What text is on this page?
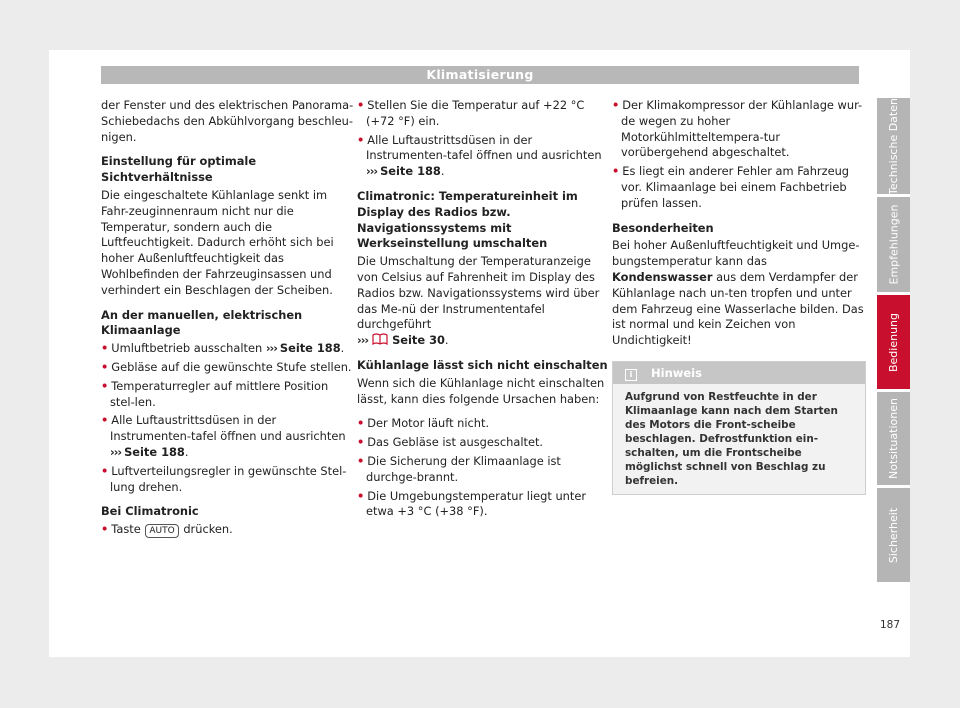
Klimatisierung

der Fenster und des elektrischen Panorama-Schiebedachs den Abkühlvorgang beschleu-nigen.

Einstellung für optimale Sichtverhältnisse

Die eingeschaltete Kühlanlage senkt im Fahr-zeuginnenraum nicht nur die Temperatur, sondern auch die Luftfeuchtigkeit. Dadurch erhöht sich bei hoher Außenluftfeuchtigkeit das Wohlbefinden der Fahrzeuginsassen und verhindert ein Beschlagen der Scheiben.

An der manuellen, elektrischen Klimaanlage
• Umluftbetrieb ausschalten ››› Seite 188.
• Gebläse auf die gewünschte Stufe stellen.
• Temperaturregler auf mittlere Position stel-len.
• Alle Luftaustrittsdüsen in der Instrumenten-tafel öffnen und ausrichten ››› Seite 188.
• Luftverteilungsregler in gewünschte Stel-lung drehen.
Bei Climatronic
• Taste AUTO drücken.
• Stellen Sie die Temperatur auf +22 °C (+72 °F) ein.
• Alle Luftaustrittsdüsen in der Instrumenten-tafel öffnen und ausrichten ››› Seite 188.
Climatronic: Temperatureinheit im Display des Radios bzw. Navigationssystems mit Werkseinstellung umschalten

Die Umschaltung der Temperaturanzeige von Celsius auf Fahrenheit im Display des Radios bzw. Navigationssystems wird über das Me-nü der Instrumententafel durchgeführt
››› Seite 30.

Kühlanlage lässt sich nicht einschalten

Wenn sich die Kühlanlage nicht einschalten lässt, kann dies folgende Ursachen haben:

• Der Motor läuft nicht.
• Das Gebläse ist ausgeschaltet.
• Die Sicherung der Klimaanlage ist durchge-brannt.
• Die Umgebungstemperatur liegt unter etwa +3 °C (+38 °F).
• Der Klimakompressor der Kühlanlage wur-de wegen zu hoher Motorkühlmitteltempera-tur vorübergehend abgeschaltet.
• Es liegt ein anderer Fehler am Fahrzeug vor. Klimaanlage bei einem Fachbetrieb prüfen lassen.
Besonderheiten

Bei hoher Außenluftfeuchtigkeit und Umge-bungstemperatur kann das Kondenswasser aus dem Verdampfer der Kühlanlage nach un-ten tropfen und unter dem Fahrzeug eine Wasserlache bilden. Das ist normal und kein Zeichen von Undichtigkeit!

i Hinweis
Aufgrund von Restfeuchte in der Klimaanlage kann nach dem Starten des Motors die Front-scheibe beschlagen. Defrostfunktion ein-schalten, um die Frontscheibe möglichst schnell von Beschlag zu befreien.
Technische Daten
Empfehlungen
Bedienung
Notsituationen
Sicherheit
187
